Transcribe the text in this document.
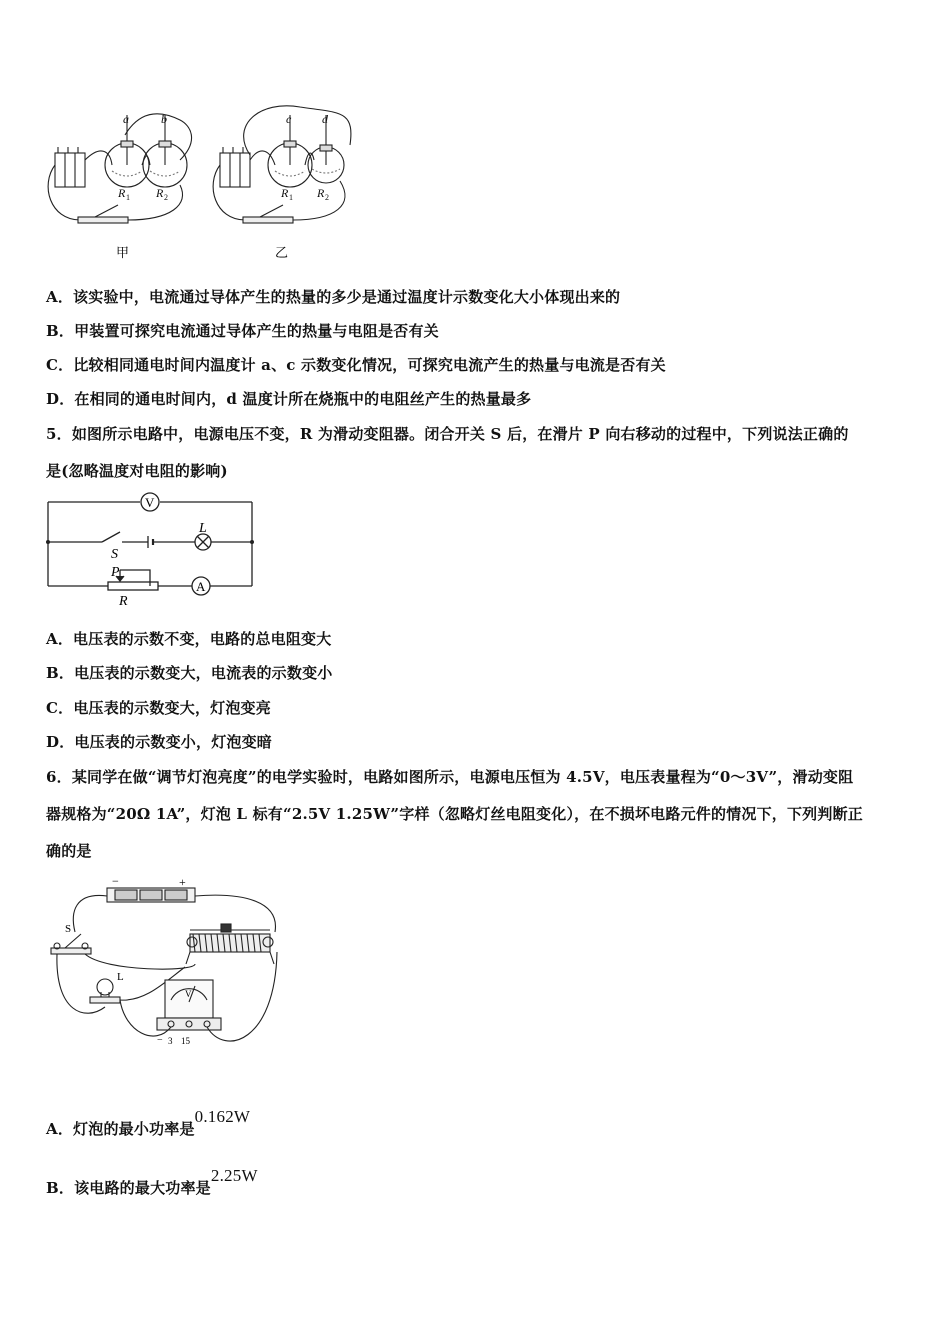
a	b	c	d
R 1 R 2	R 1 R 2
甲	乙
A．该实验中，电流通过导体产生的热量的多少是通过温度计示数变化大小体现出来的
B．甲装置可探究电流通过导体产生的热量与电阻是否有关
C．比较相同通电时间内温度计 a、c 示数变化情况，可探究电流产生的热量与电流是否有关
D．在相同的通电时间内，d 温度计所在烧瓶中的电阻丝产生的热量最多
5．如图所示电路中，电源电压不变，R 为滑动变阻器。闭合开关 S 后，在滑片 P 向右移动的过程中，下列说法正确的
是(忽略温度对电阻的影响)
V
A
S
L
P
R
A．电压表的示数不变，电路的总电阻变大
B．电压表的示数变大，电流表的示数变小
C．电压表的示数变大，灯泡变亮
D．电压表的示数变小，灯泡变暗
6．某同学在做“调节灯泡亮度”的电学实验时，电路如图所示，电源电压恒为 4.5V，电压表量程为“0～3V”，滑动变阻
器规格为“20Ω 1A”，灯泡 L 标有“2.5V 1.25W”字样（忽略灯丝电阻变化），在不损坏电路元件的情况下，下列判断正
确的是
−	+
S
L
V
− 3 15
A．灯泡的最小功率是0.162W
B．该电路的最大功率是2.25W
